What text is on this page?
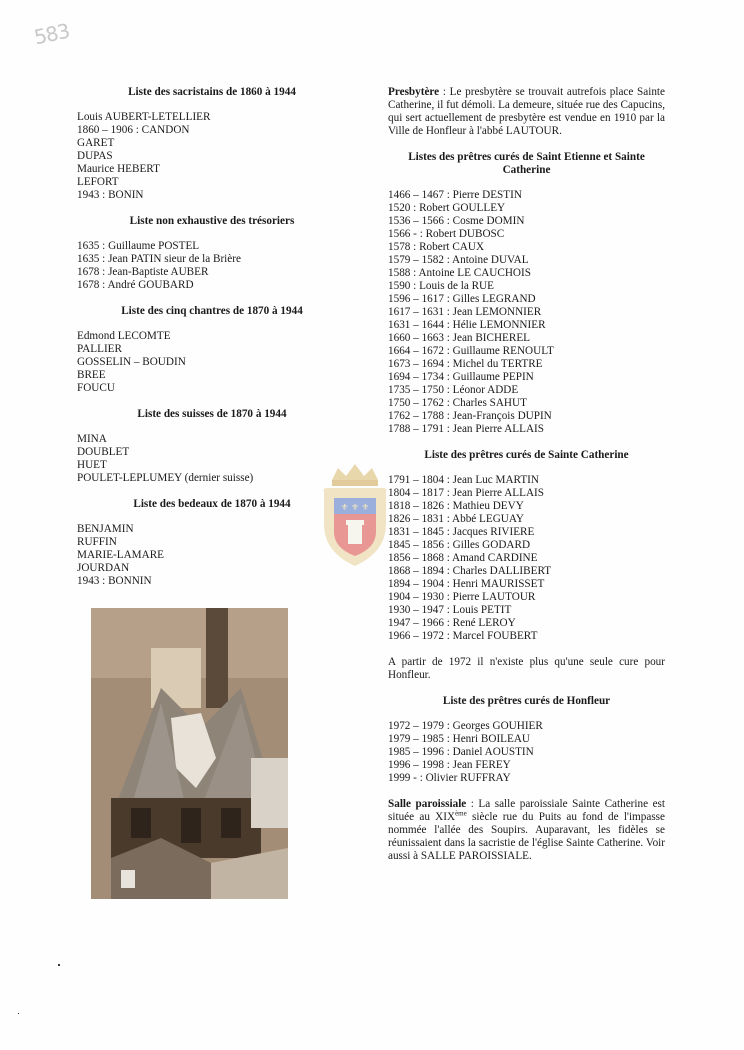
583
⚜ ⚜ ⚜
Liste des sacristains de 1860 à 1944
Louis AUBERT-LETELLIER
1860 – 1906 : CANDON
GARET
DUPAS
Maurice HEBERT
LEFORT
1943 : BONIN
Liste non exhaustive des trésoriers
1635 : Guillaume POSTEL
1635 : Jean PATIN sieur de la Brière
1678 : Jean-Baptiste AUBER
1678 : André GOUBARD
Liste des cinq chantres de 1870 à 1944
Edmond LECOMTE
PALLIER
GOSSELIN – BOUDIN
BREE
FOUCU
Liste des suisses de 1870 à 1944
MINA
DOUBLET
HUET
POULET-LEPLUMEY (dernier suisse)
Liste des bedeaux de 1870 à 1944
BENJAMIN
RUFFIN
MARIE-LAMARE
JOURDAN
1943 : BONNIN

Presbytère : Le presbytère se trouvait autrefois place Sainte Catherine, il fut démoli. La demeure, située rue des Capucins, qui sert actuellement de presbytère est vendue en 1910 par la Ville de Honfleur à l'abbé LAUTOUR.

Listes des prêtres curés de Saint Etienne et Sainte Catherine
1466 – 1467 : Pierre DESTIN
1520 : Robert GOULLEY
1536 – 1566 : Cosme DOMIN
1566 - : Robert DUBOSC
1578 : Robert CAUX
1579 – 1582 : Antoine DUVAL
1588 : Antoine LE CAUCHOIS
1590 : Louis de la RUE
1596 – 1617 : Gilles LEGRAND
1617 – 1631 : Jean LEMONNIER
1631 – 1644 : Hélie LEMONNIER
1660 – 1663 : Jean BICHEREL
1664 – 1672 : Guillaume RENOULT
1673 – 1694 : Michel du TERTRE
1694 – 1734 : Guillaume PEPIN
1735 – 1750 : Léonor ADDE
1750 – 1762 : Charles SAHUT
1762 – 1788 : Jean-François DUPIN
1788 – 1791 : Jean Pierre ALLAIS
Liste des prêtres curés de Sainte Catherine
1791 – 1804 : Jean Luc MARTIN
1804 – 1817 : Jean Pierre ALLAIS
1818 – 1826 : Mathieu DEVY
1826 – 1831 : Abbé LEGUAY
1831 – 1845 : Jacques RIVIERE
1845 – 1856 : Gilles GODARD
1856 – 1868 : Amand CARDINE
1868 – 1894 : Charles DALLIBERT
1894 – 1904 : Henri MAURISSET
1904 – 1930 : Pierre LAUTOUR
1930 – 1947 : Louis PETIT
1947 – 1966 : René LEROY
1966 – 1972 : Marcel FOUBERT

A partir de 1972 il n'existe plus qu'une seule cure pour Honfleur.

Liste des prêtres curés de Honfleur
1972 – 1979 : Georges GOUHIER
1979 – 1985 : Henri BOILEAU
1985 – 1996 : Daniel AOUSTIN
1996 – 1998 : Jean FEREY
1999 - : Olivier RUFFRAY

Salle paroissiale : La salle paroissiale Sainte Catherine est située au XIXème siècle rue du Puits au fond de l'impasse nommée l'allée des Soupirs. Auparavant, les fidèles se réunissaient dans la sacristie de l'église Sainte Catherine. Voir aussi à SALLE PAROISSIALE.
